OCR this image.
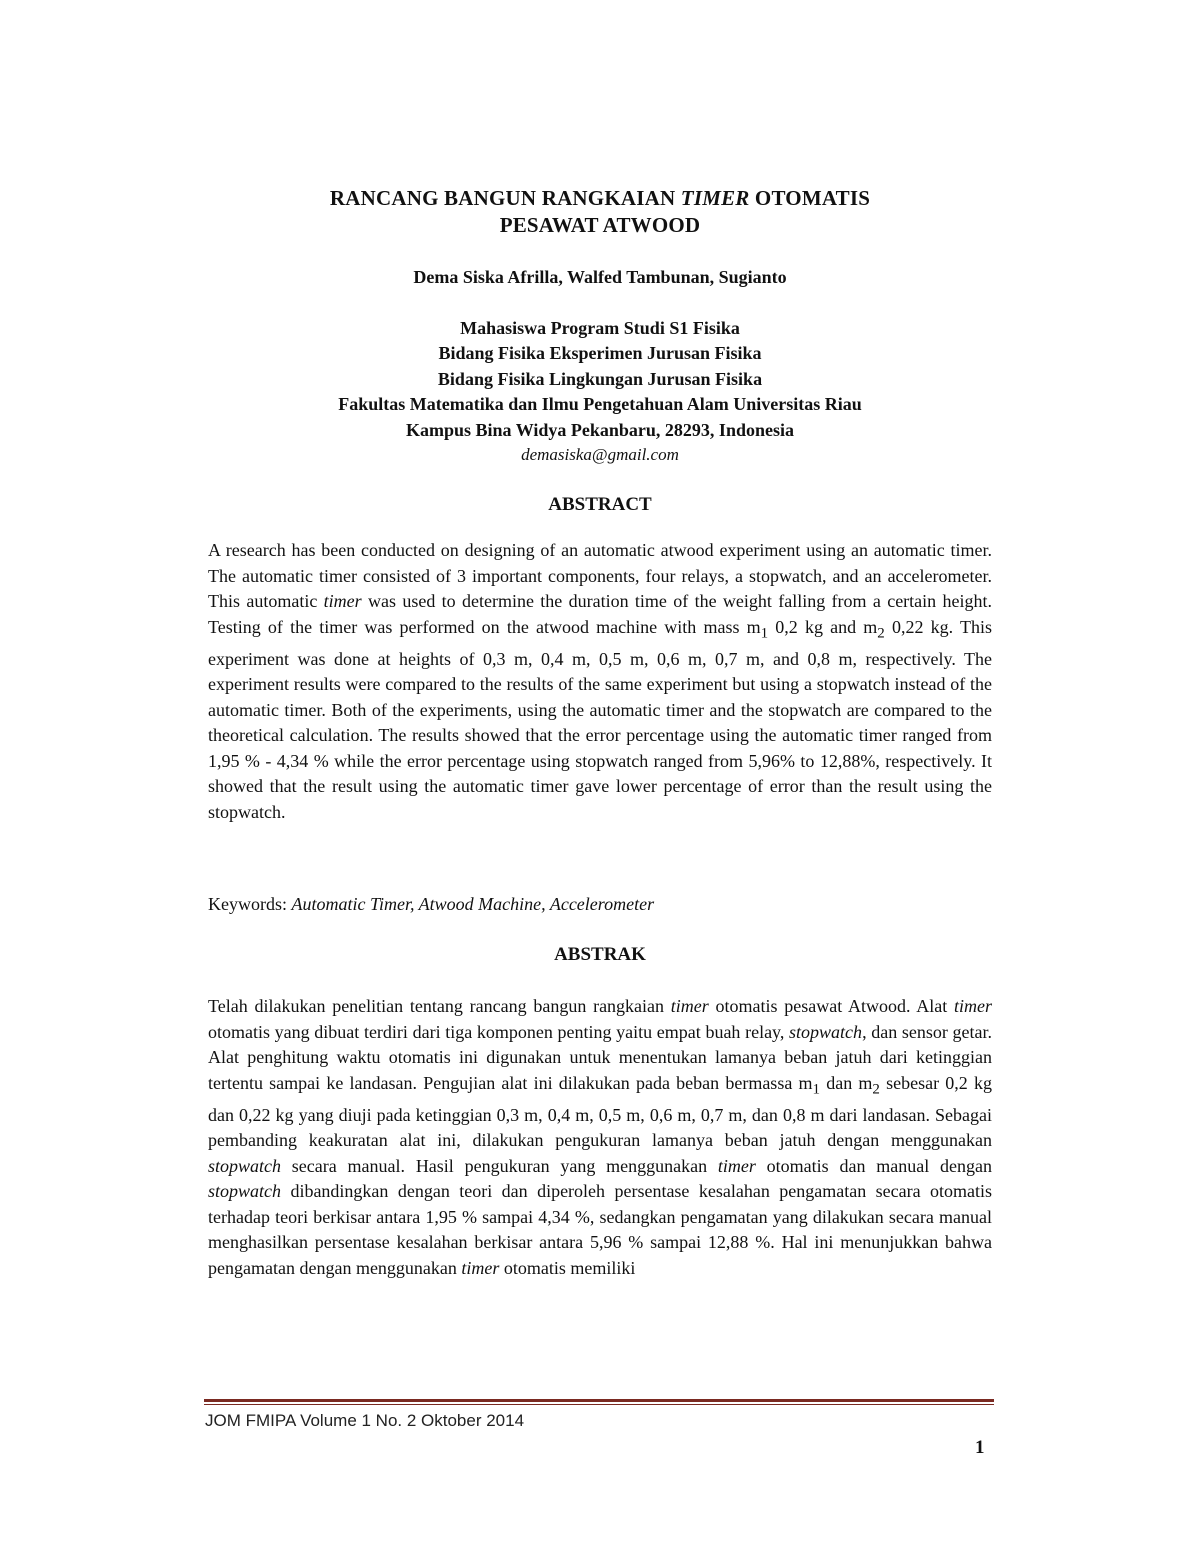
RANCANG BANGUN RANGKAIAN TIMER OTOMATIS
PESAWAT ATWOOD
Dema Siska Afrilla, Walfed Tambunan, Sugianto
Mahasiswa Program Studi S1 Fisika
Bidang Fisika Eksperimen Jurusan Fisika
Bidang Fisika Lingkungan Jurusan Fisika
Fakultas Matematika dan Ilmu Pengetahuan Alam Universitas Riau
Kampus Bina Widya Pekanbaru, 28293, Indonesia
demasiska@gmail.com
ABSTRACT
A research has been conducted on designing of an automatic atwood experiment using an automatic timer. The automatic timer consisted of 3 important components, four relays, a stopwatch, and an accelerometer. This automatic timer was used to determine the duration time of the weight falling from a certain height. Testing of the timer was performed on the atwood machine with mass $m_1$ 0,2 kg and $m_2$ 0,22 kg. This experiment was done at heights of 0,3 m, 0,4 m, 0,5 m, 0,6 m, 0,7 m, and 0,8 m, respectively. The experiment results were compared to the results of the same experiment but using a stopwatch instead of the automatic timer. Both of the experiments, using the automatic timer and the stopwatch are compared to the theoretical calculation. The results showed that the error percentage using the automatic timer ranged from 1,95 % - 4,34 % while the error percentage using stopwatch ranged from 5,96% to 12,88%, respectively. It showed that the result using the automatic timer gave lower percentage of error than the result using the stopwatch.
Keywords: Automatic Timer, Atwood Machine, Accelerometer
ABSTRAK
Telah dilakukan penelitian tentang rancang bangun rangkaian timer otomatis pesawat Atwood. Alat timer otomatis yang dibuat terdiri dari tiga komponen penting yaitu empat buah relay, stopwatch, dan sensor getar. Alat penghitung waktu otomatis ini digunakan untuk menentukan lamanya beban jatuh dari ketinggian tertentu sampai ke landasan. Pengujian alat ini dilakukan pada beban bermassa $m_1$ dan $m_2$ sebesar 0,2 kg dan 0,22 kg yang diuji pada ketinggian 0,3 m, 0,4 m, 0,5 m, 0,6 m, 0,7 m, dan 0,8 m dari landasan. Sebagai pembanding keakuratan alat ini, dilakukan pengukuran lamanya beban jatuh dengan menggunakan stopwatch secara manual. Hasil pengukuran yang menggunakan timer otomatis dan manual dengan stopwatch dibandingkan dengan teori dan diperoleh persentase kesalahan pengamatan secara otomatis terhadap teori berkisar antara 1,95 % sampai 4,34 %, sedangkan pengamatan yang dilakukan secara manual menghasilkan persentase kesalahan berkisar antara 5,96 % sampai 12,88 %. Hal ini menunjukkan bahwa pengamatan dengan menggunakan timer otomatis memiliki
JOM FMIPA Volume 1 No. 2 Oktober 2014
1
